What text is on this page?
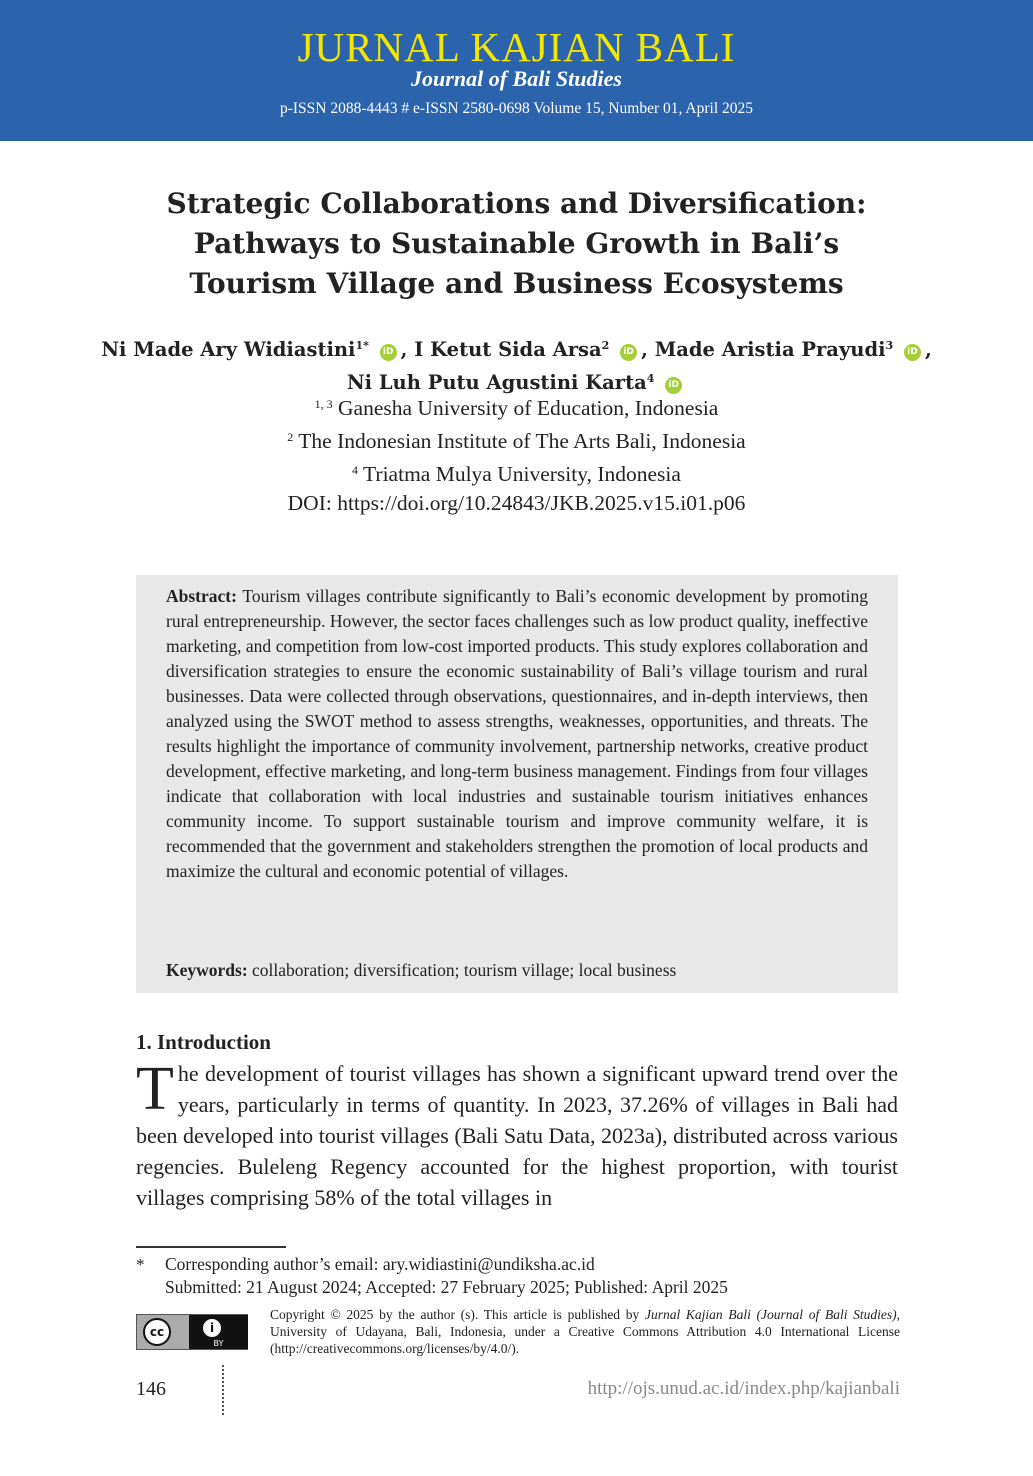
JURNAL KAJIAN BALI
Journal of Bali Studies
p-ISSN 2088-4443 # e-ISSN 2580-0698 Volume 15, Number 01, April 2025
Strategic Collaborations and Diversification:
Pathways to Sustainable Growth in Bali’s
Tourism Village and Business Ecosystems
Ni Made Ary Widiastini$^{1*}$ iD , I Ketut Sida Arsa$^2$ iD , Made Aristia Prayudi$^3$ iD ,
Ni Luh Putu Agustini Karta$^4$ iD
$^{1, 3}$ Ganesha University of Education, Indonesia
$^2$ The Indonesian Institute of The Arts Bali, Indonesia
$^4$ Triatma Mulya University, Indonesia
DOI: https://doi.org/10.24843/JKB.2025.v15.i01.p06
Abstract: Tourism villages contribute significantly to Bali’s economic development by promoting rural entrepreneurship. However, the sector faces challenges such as low product quality, ineffective marketing, and competition from low-cost imported products. This study explores collaboration and diversification strategies to ensure the economic sustainability of Bali’s village tourism and rural businesses. Data were collected through observations, questionnaires, and in-depth interviews, then analyzed using the SWOT method to assess strengths, weaknesses, opportunities, and threats. The results highlight the importance of community involvement, partnership networks, creative product development, effective marketing, and long-term business management. Findings from four villages indicate that collaboration with local industries and sustainable tourism initiatives enhances community income. To support sustainable tourism and improve community welfare, it is recommended that the government and stakeholders strengthen the promotion of local products and maximize the cultural and economic potential of villages.
Keywords: collaboration; diversification; tourism village; local business
1. Introduction
The development of tourist villages has shown a significant upward trend over the years, particularly in terms of quantity. In 2023, 37.26% of villages in Bali had been developed into tourist villages (Bali Satu Data, 2023a), distributed across various regencies. Buleleng Regency accounted for the highest proportion, with tourist villages comprising 58% of the total villages in
* Corresponding author’s email: ary.widiastini@undiksha.ac.id
Submitted: 21 August 2024; Accepted: 27 February 2025; Published: April 2025
cc	i
BY
Copyright © 2025 by the author (s). This article is published by Jurnal Kajian Bali (Journal of Bali Studies), University of Udayana, Bali, Indonesia, under a Creative Commons Attribution 4.0 International License (http://creativecommons.org/licenses/by/4.0/).
146	http://ojs.unud.ac.id/index.php/kajianbali
